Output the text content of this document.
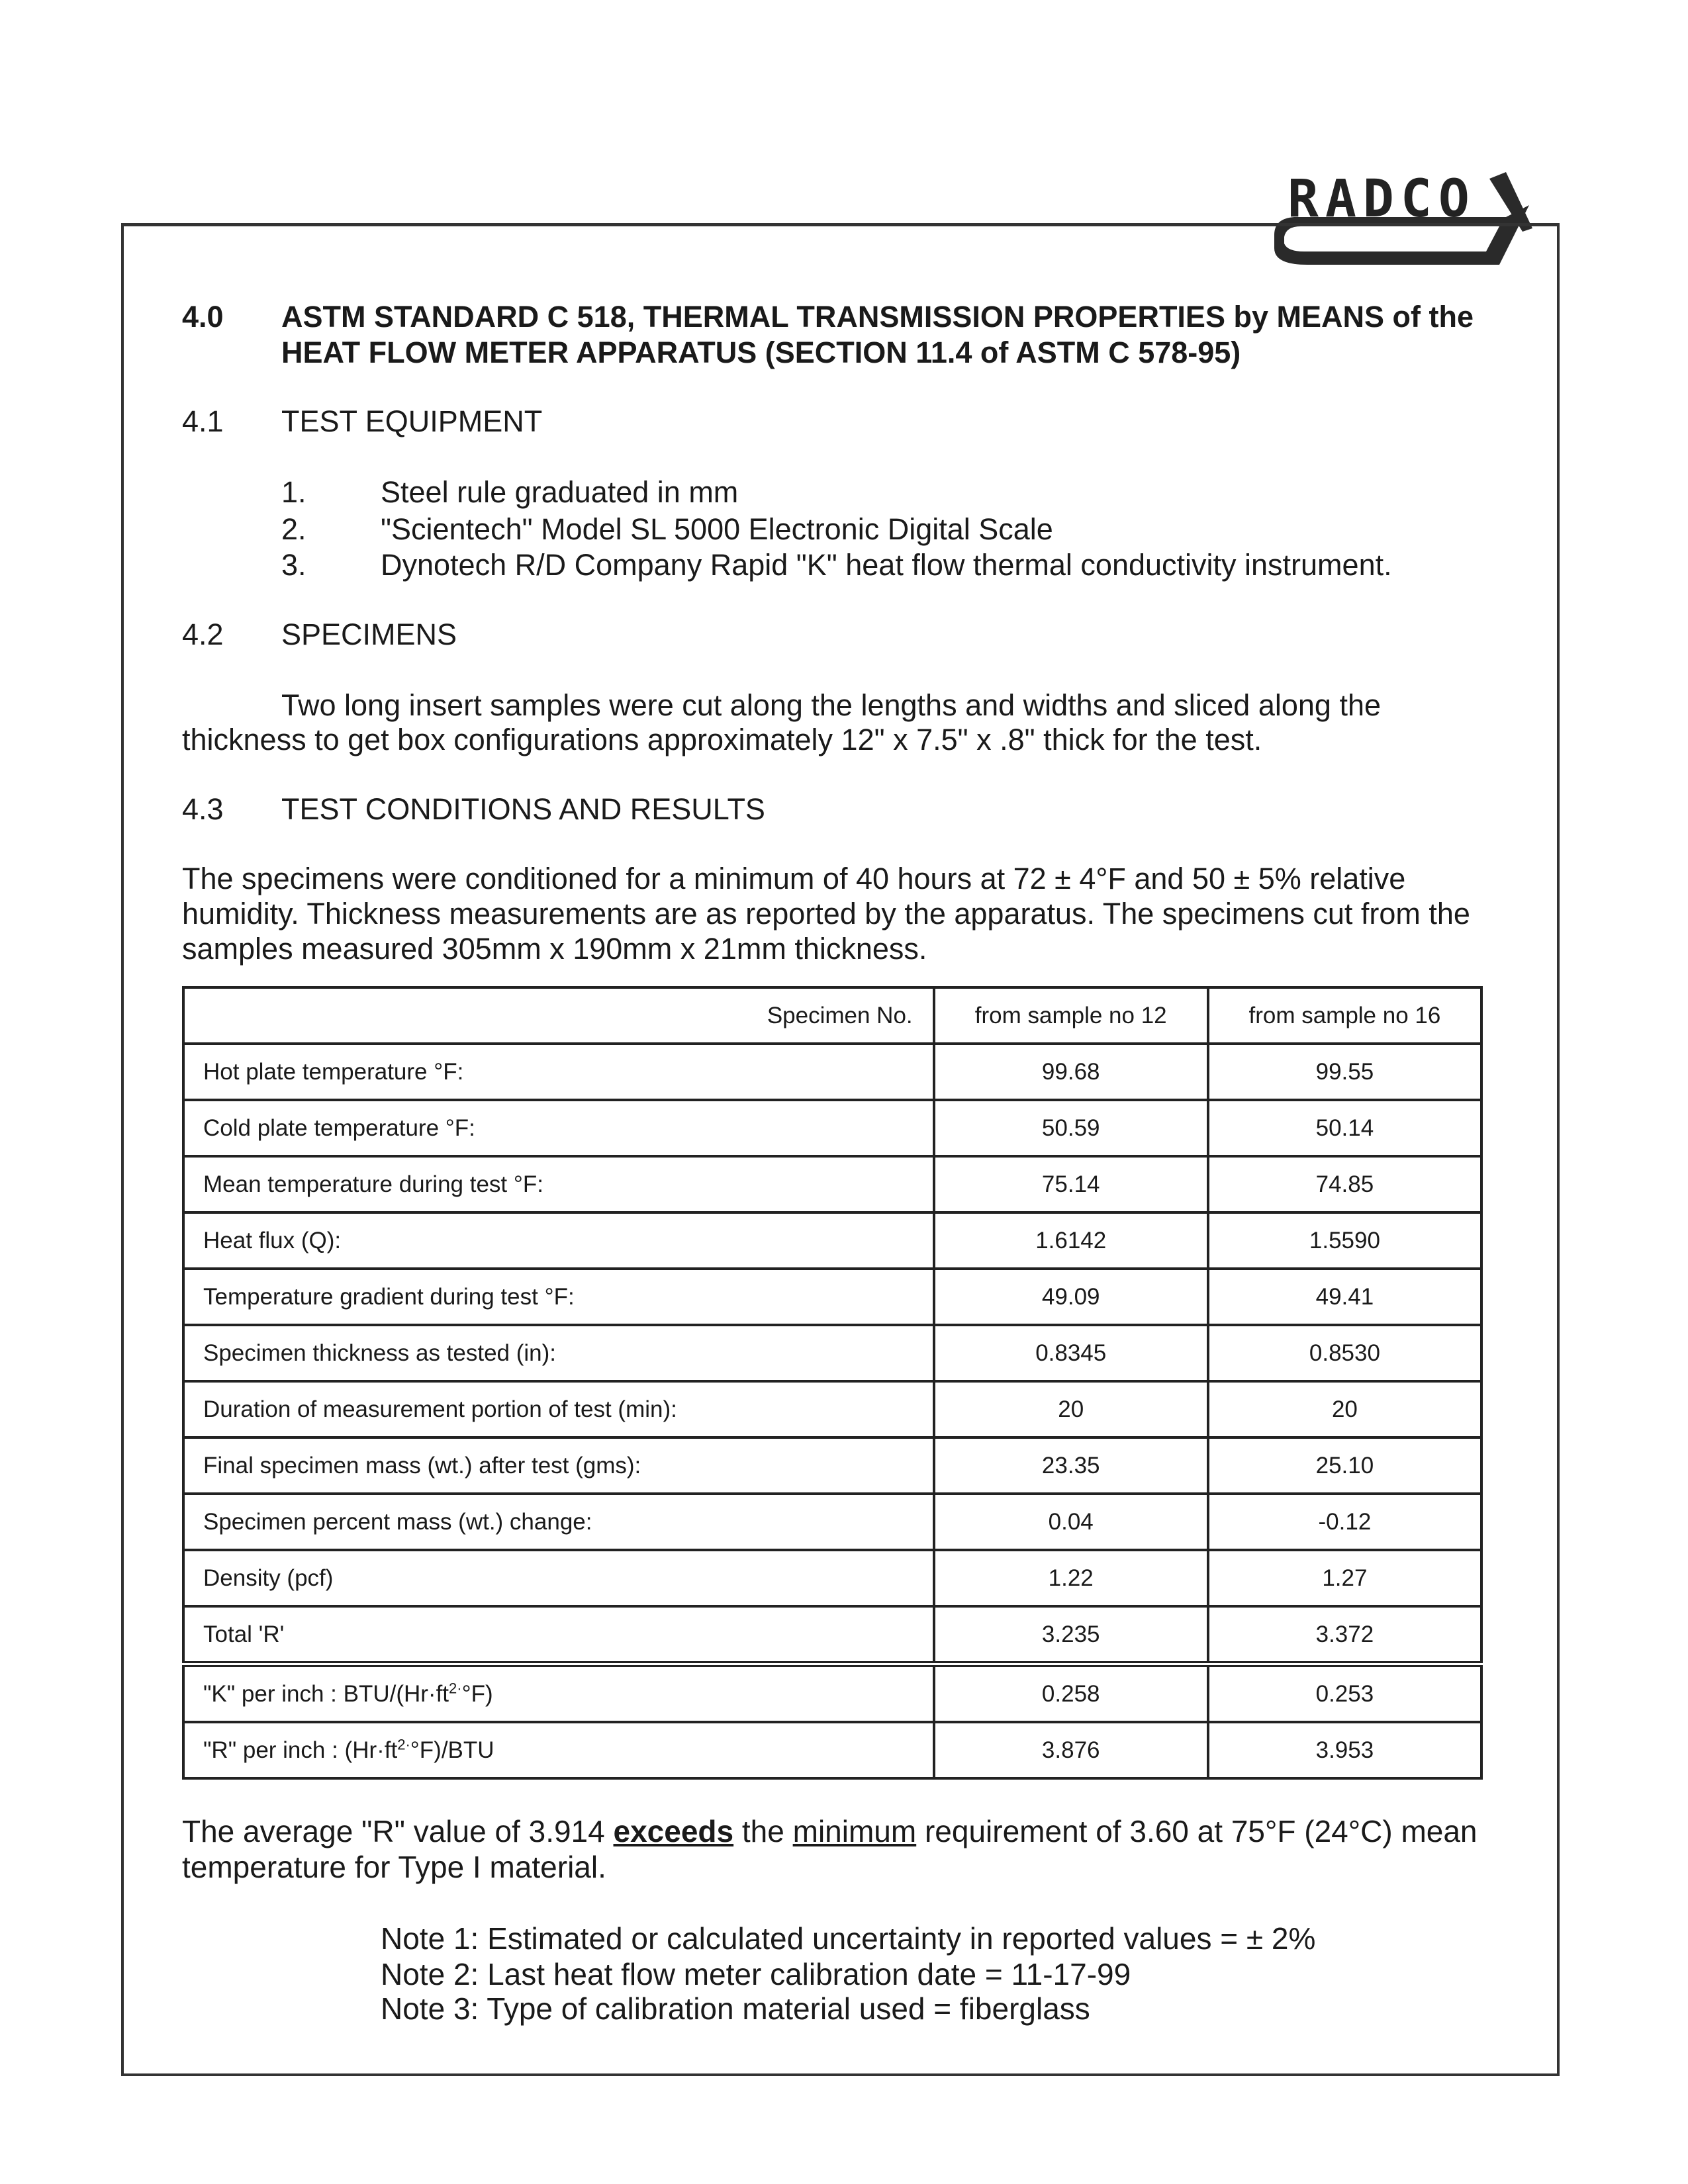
RADCO
4.0 ASTM STANDARD C 518, THERMAL TRANSMISSION PROPERTIES by MEANS of the
HEAT FLOW METER APPARATUS (SECTION 11.4 of ASTM C 578-95)
4.1 TEST EQUIPMENT
1. Steel rule graduated in mm
2. "Scientech" Model SL 5000 Electronic Digital Scale
3. Dynotech R/D Company Rapid "K" heat flow thermal conductivity instrument.
4.2 SPECIMENS
Two long insert samples were cut along the lengths and widths and sliced along the
thickness to get box configurations approximately 12" x 7.5" x .8" thick for the test.
4.3 TEST CONDITIONS AND RESULTS
The specimens were conditioned for a minimum of 40 hours at 72 ± 4°F and 50 ± 5% relative
humidity. Thickness measurements are as reported by the apparatus. The specimens cut from the
samples measured 305mm x 190mm x 21mm thickness.
Specimen No.	from sample no 12	from sample no 16
Hot plate temperature °F:	99.68	99.55
Cold plate temperature °F:	50.59	50.14
Mean temperature during test °F:	75.14	74.85
Heat flux (Q):	1.6142	1.5590
Temperature gradient during test °F:	49.09	49.41
Specimen thickness as tested (in):	0.8345	0.8530
Duration of measurement portion of test (min):	20	20
Final specimen mass (wt.) after test (gms):	23.35	25.10
Specimen percent mass (wt.) change:	0.04	-0.12
Density (pcf)	1.22	1.27
Total 'R'	3.235	3.372
"K" per inch : BTU/$(Hr\cdot ft^{2\cdot}^\circ F)$	0.258	0.253
"R" per inch : $(Hr\cdot ft^{2\cdot}^\circ F)$/BTU	3.876	3.953
The average "R" value of 3.914 exceeds the minimum requirement of 3.60 at 75°F (24°C) mean
temperature for Type I material.
Note 1: Estimated or calculated uncertainty in reported values = ± 2%
Note 2: Last heat flow meter calibration date = 11-17-99
Note 3: Type of calibration material used = fiberglass
